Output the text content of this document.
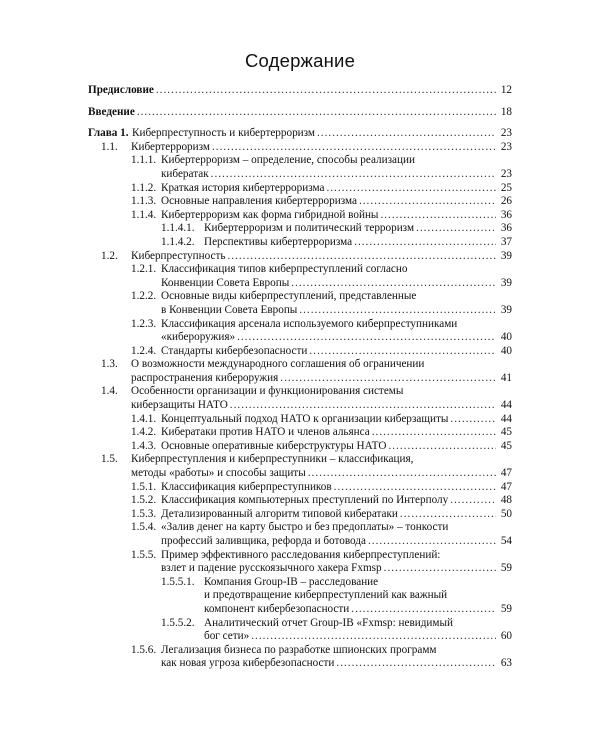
Содержание
Предисловие .....	12
Введение .....	18
Глава 1. Киберпреступность и кибертерроризм .....	23
1.1. Кибертерроризм .....	23
1.1.1. Кибертерроризм – определение, способы реализации
кибератак .....	23
1.1.2. Краткая история кибертерроризма .....	25
1.1.3. Основные направления кибертерроризма .....	26
1.1.4. Кибертерроризм как форма гибридной войны .....	36
1.1.4.1. Кибертерроризм и политический терроризм .....	36
1.1.4.2. Перспективы кибертерроризма .....	37
1.2. Киберпреступность .....	39
1.2.1. Классификация типов киберпреступлений согласно
Конвенции Совета Европы .....	39
1.2.2. Основные виды киберпреступлений, представленные
в Конвенции Совета Европы .....	39
1.2.3. Классификация арсенала используемого киберпреступниками
«кибероружия» .....	40
1.2.4. Стандарты кибербезопасности .....	40
1.3. О возможности международного соглашения об ограничении
распространения кибероружия .....	41
1.4. Особенности организации и функционирования системы
киберзащиты НАТО .....	44
1.4.1. Концептуальный подход НАТО к организации киберзащиты .....	44
1.4.2. Кибератаки против НАТО и членов альянса .....	45
1.4.3. Основные оперативные киберструктуры НАТО .....	45
1.5. Киберпреступления и киберпреступники – классификация,
методы «работы» и способы защиты .....	47
1.5.1. Классификация киберпреступников .....	47
1.5.2. Классификация компьютерных преступлений по Интерполу .....	48
1.5.3. Детализированный алгоритм типовой кибератаки .....	50
1.5.4. «Залив денег на карту быстро и без предоплаты» – тонкости
профессий заливщика, рефорда и ботовода .....	54
1.5.5. Пример эффективного расследования киберпреступлений:
взлет и падение русскоязычного хакера Fxmsp .....	59
1.5.5.1. Компания Group-IB – расследование
и предотвращение киберпреступлений как важный
компонент кибербезопасности .....	59
1.5.5.2. Аналитический отчет Group-IB «Fxmsp: невидимый
бог сети» .....	60
1.5.6. Легализация бизнеса по разработке шпионских программ
как новая угроза кибербезопасности .....	63
